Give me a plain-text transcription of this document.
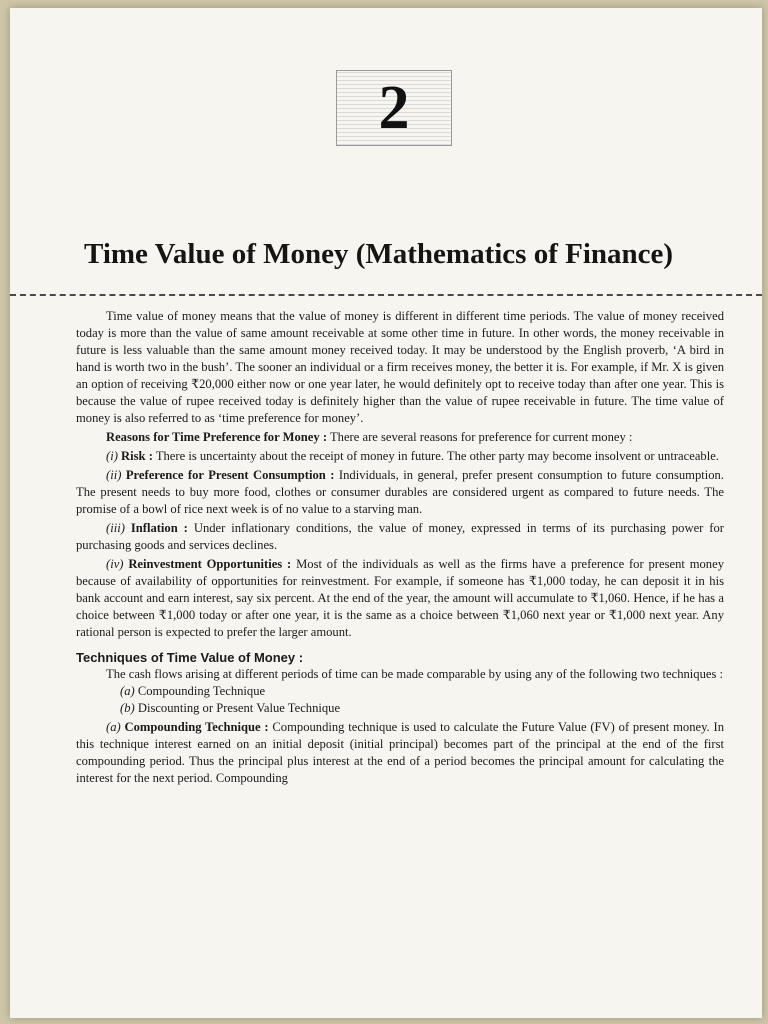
2
Time Value of Money (Mathematics of Finance)

Time value of money means that the value of money is different in different time periods. The value of money received today is more than the value of same amount receivable at some other time in future. In other words, the money receivable in future is less valuable than the same amount money received today. It may be understood by the English proverb, ‘A bird in hand is worth two in the bush’. The sooner an individual or a firm receives money, the better it is. For example, if Mr. X is given an option of receiving ₹20,000 either now or one year later, he would definitely opt to receive today than after one year. This is because the value of rupee received today is definitely higher than the value of rupee receivable in future. The time value of money is also referred to as ‘time preference for money’.

Reasons for Time Preference for Money : There are several reasons for preference for current money :

(i) Risk : There is uncertainty about the receipt of money in future. The other party may become insolvent or untraceable.

(ii) Preference for Present Consumption : Individuals, in general, prefer present consumption to future consumption. The present needs to buy more food, clothes or consumer durables are considered urgent as compared to future needs. The promise of a bowl of rice next week is of no value to a starving man.

(iii) Inflation : Under inflationary conditions, the value of money, expressed in terms of its purchasing power for purchasing goods and services declines.

(iv) Reinvestment Opportunities : Most of the individuals as well as the firms have a preference for present money because of availability of opportunities for reinvestment. For example, if someone has ₹1,000 today, he can deposit it in his bank account and earn interest, say six percent. At the end of the year, the amount will accumulate to ₹1,060. Hence, if he has a choice between ₹1,000 today or after one year, it is the same as a choice between ₹1,060 next year or ₹1,000 next year. Any rational person is expected to prefer the larger amount.

Techniques of Time Value of Money :

The cash flows arising at different periods of time can be made comparable by using any of the following two techniques :

(a) Compounding Technique
(b) Discounting or Present Value Technique

(a) Compounding Technique : Compounding technique is used to calculate the Future Value (FV) of present money. In this technique interest earned on an initial deposit (initial principal) becomes part of the principal at the end of the first compounding period. Thus the principal plus interest at the end of a period becomes the principal amount for calculating the interest for the next period. Compounding
